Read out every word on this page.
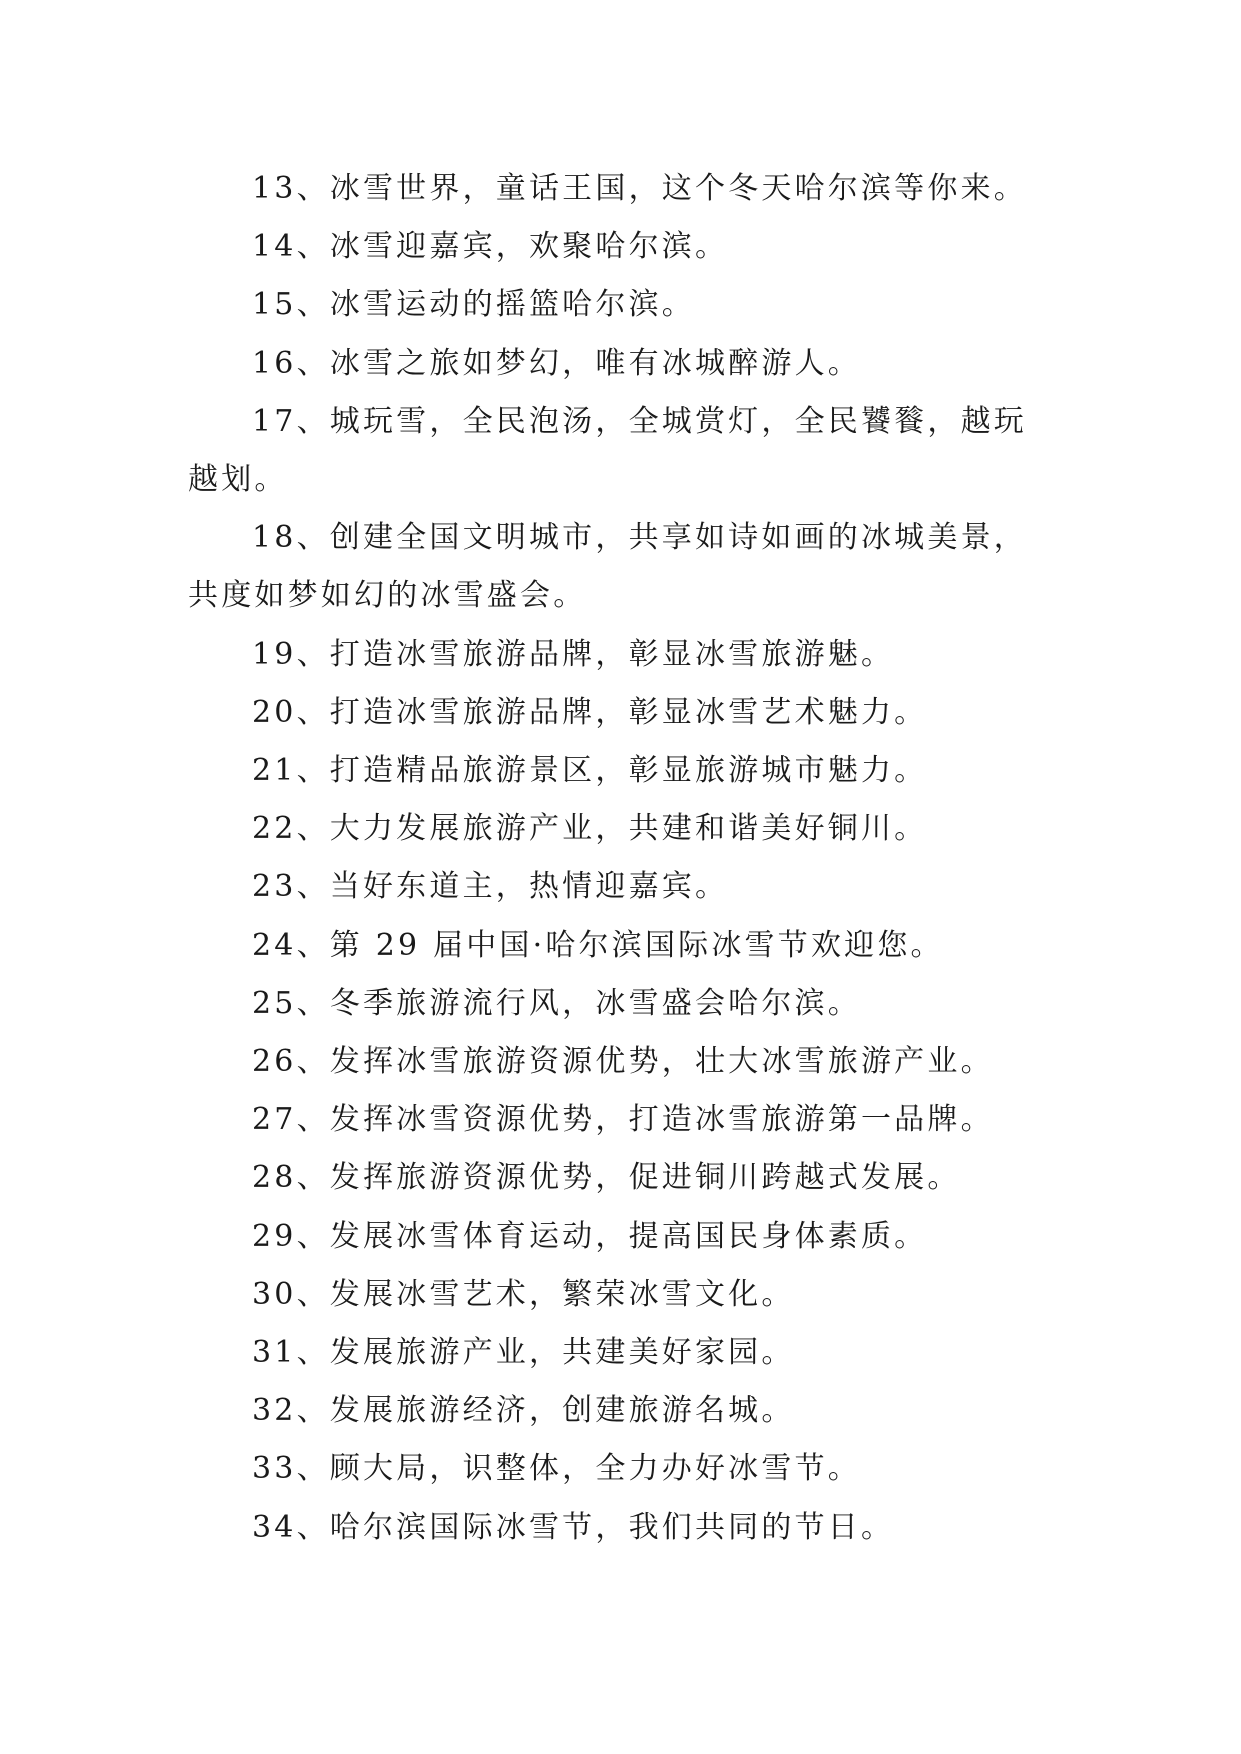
13、冰雪世界，童话王国，这个冬天哈尔滨等你来。

14、冰雪迎嘉宾，欢聚哈尔滨。

15、冰雪运动的摇篮哈尔滨。

16、冰雪之旅如梦幻，唯有冰城醉游人。

17、城玩雪，全民泡汤，全城赏灯，全民饕餮，越玩越划。

18、创建全国文明城市，共享如诗如画的冰城美景，共度如梦如幻的冰雪盛会。

19、打造冰雪旅游品牌，彰显冰雪旅游魅。

20、打造冰雪旅游品牌，彰显冰雪艺术魅力。

21、打造精品旅游景区，彰显旅游城市魅力。

22、大力发展旅游产业，共建和谐美好铜川。

23、当好东道主，热情迎嘉宾。

24、第 29 届中国·哈尔滨国际冰雪节欢迎您。

25、冬季旅游流行风，冰雪盛会哈尔滨。

26、发挥冰雪旅游资源优势，壮大冰雪旅游产业。

27、发挥冰雪资源优势，打造冰雪旅游第一品牌。

28、发挥旅游资源优势，促进铜川跨越式发展。

29、发展冰雪体育运动，提高国民身体素质。

30、发展冰雪艺术，繁荣冰雪文化。

31、发展旅游产业，共建美好家园。

32、发展旅游经济，创建旅游名城。

33、顾大局，识整体，全力办好冰雪节。

34、哈尔滨国际冰雪节，我们共同的节日。
